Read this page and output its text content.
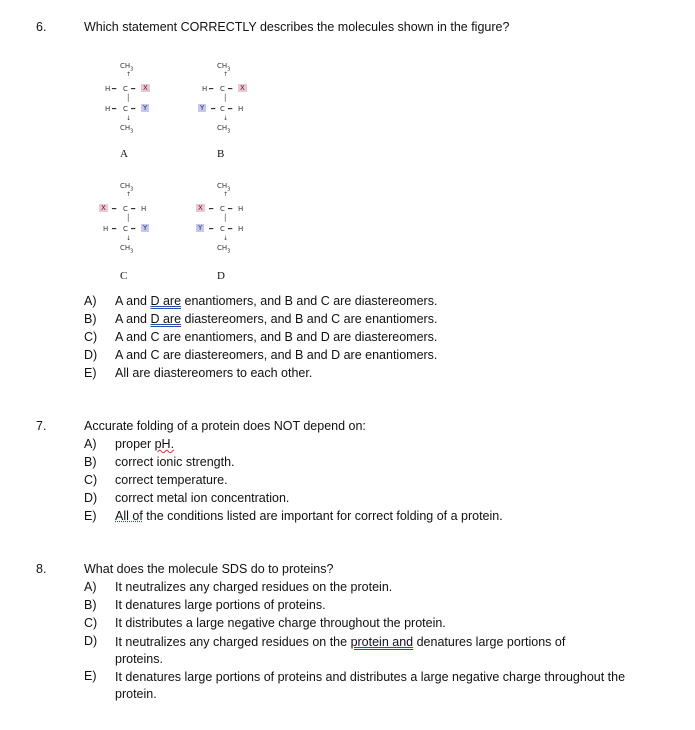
6.	Which statement CORRECTLY describes the molecules shown in the figure?
$CH_3$
↑
H ━ C ━ X
│
H ━ C ━ Y
↓
$CH_3$
A
$CH_3$
↑
H ━ C ━ X
│
Y ━ C ━ H
↓
$CH_3$
B
$CH_3$
↑
X ━ C ━ H
│
H ━ C ━ Y
↓
$CH_3$
C
$CH_3$
↑
X ━ C ━ H
│
Y ━ C ━ H
↓
$CH_3$
D
A) A and D are enantiomers, and B and C are diastereomers.
B) A and D are diastereomers, and B and C are enantiomers.
C) A and C are enantiomers, and B and D are diastereomers.
D) A and C are diastereomers, and B and D are enantiomers.
E) All are diastereomers to each other.
7.	Accurate folding of a protein does NOT depend on:
A) proper pH.
B) correct ionic strength.
C) correct temperature.
D) correct metal ion concentration.
E) All of the conditions listed are important for correct folding of a protein.
8.	What does the molecule SDS do to proteins?
A) It neutralizes any charged residues on the protein.
B) It denatures large portions of proteins.
C) It distributes a large negative charge throughout the protein.
D) It neutralizes any charged residues on the protein and denatures large portions of proteins.
E) It denatures large portions of proteins and distributes a large negative charge throughout the protein.
